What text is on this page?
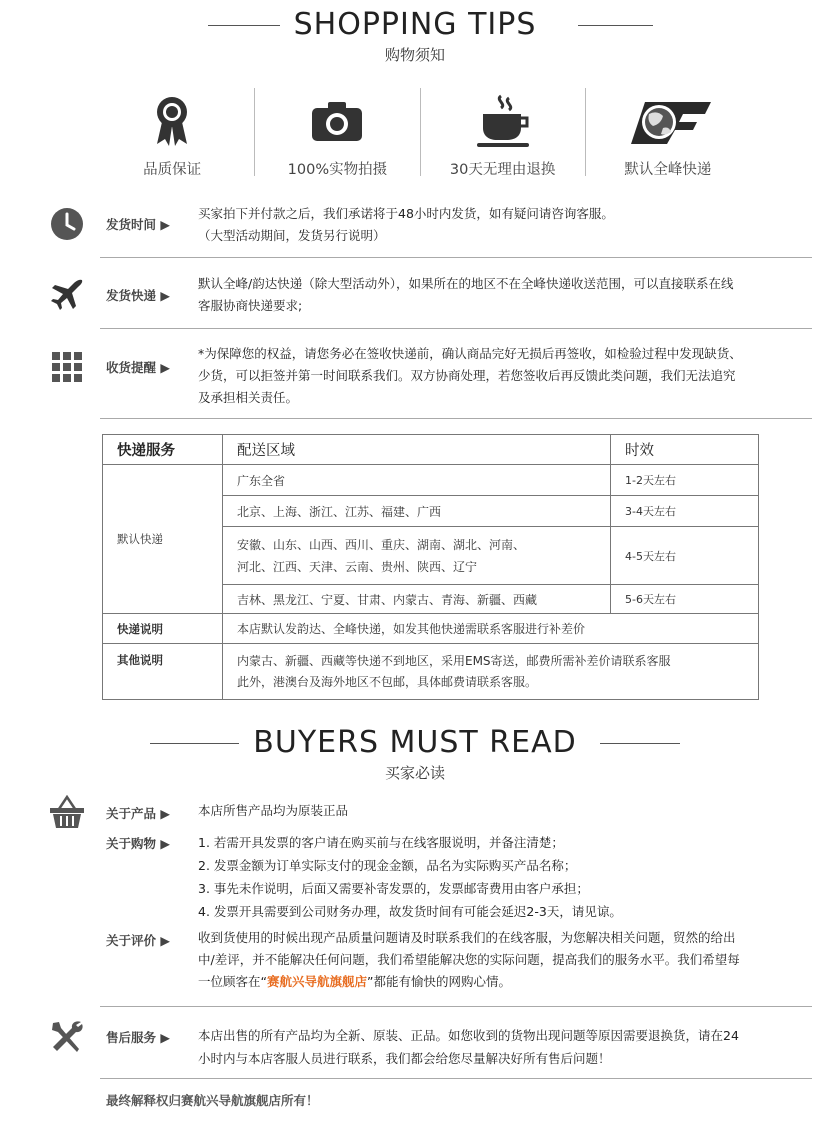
SHOPPING TIPS
购物须知
品质保证	100%实物拍摄	30天无理由退换	默认全峰快递
发货时间 ▶
买家拍下并付款之后，我们承诺将于48小时内发货，如有疑问请咨询客服。
（大型活动期间，发货另行说明）
发货快递 ▶
默认全峰/韵达快递（除大型活动外），如果所在的地区不在全峰快递收送范围，可以直接联系在线
客服协商快递要求;
收货提醒 ▶
*为保障您的权益，请您务必在签收快递前，确认商品完好无损后再签收，如检验过程中发现缺货、
少货，可以拒签并第一时间联系我们。双方协商处理，若您签收后再反馈此类问题，我们无法追究
及承担相关责任。
快递服务	配送区域	时效
默认快递	广东全省	1-2天左右
	北京、上海、浙江、江苏、福建、广西	3-4天左右

	安徽、山东、山西、西川、重庆、湖南、湖北、河南、
河北、江西、天津、云南、贵州、陕西、辽宁	4-5天左右
	吉林、黑龙江、宁夏、甘肃、内蒙古、青海、新疆、西藏	5-6天左右
快递说明	本店默认发韵达、全峰快递，如发其他快递需联系客服进行补差价	
其他说明	内蒙古、新疆、西藏等快递不到地区，采用EMS寄送，邮费所需补差价请联系客服
此外，港澳台及海外地区不包邮，具体邮费请联系客服。	
BUYERS MUST READ
买家必读
关于产品 ▶ 本店所售产品均为原装正品
关于购物 ▶ 1. 若需开具发票的客户请在购买前与在线客服说明，并备注清楚；
2. 发票金额为订单实际支付的现金金额，品名为实际购买产品名称；
3. 事先未作说明，后面又需要补寄发票的，发票邮寄费用由客户承担；
4. 发票开具需要到公司财务办理，故发货时间有可能会延迟2-3天，请见谅。
关于评价 ▶ 收到货使用的时候出现产品质量问题请及时联系我们的在线客服，为您解决相关问题，贸然的给出
中/差评，并不能解决任何问题，我们希望能解决您的实际问题，提高我们的服务水平。我们希望每
一位顾客在“赛航兴导航旗舰店”都能有愉快的网购心情。
售后服务 ▶ 本店出售的所有产品均为全新、原装、正品。如您收到的货物出现问题等原因需要退换货，请在24
小时内与本店客服人员进行联系，我们都会给您尽量解决好所有售后问题！
最终解释权归赛航兴导航旗舰店所有！
